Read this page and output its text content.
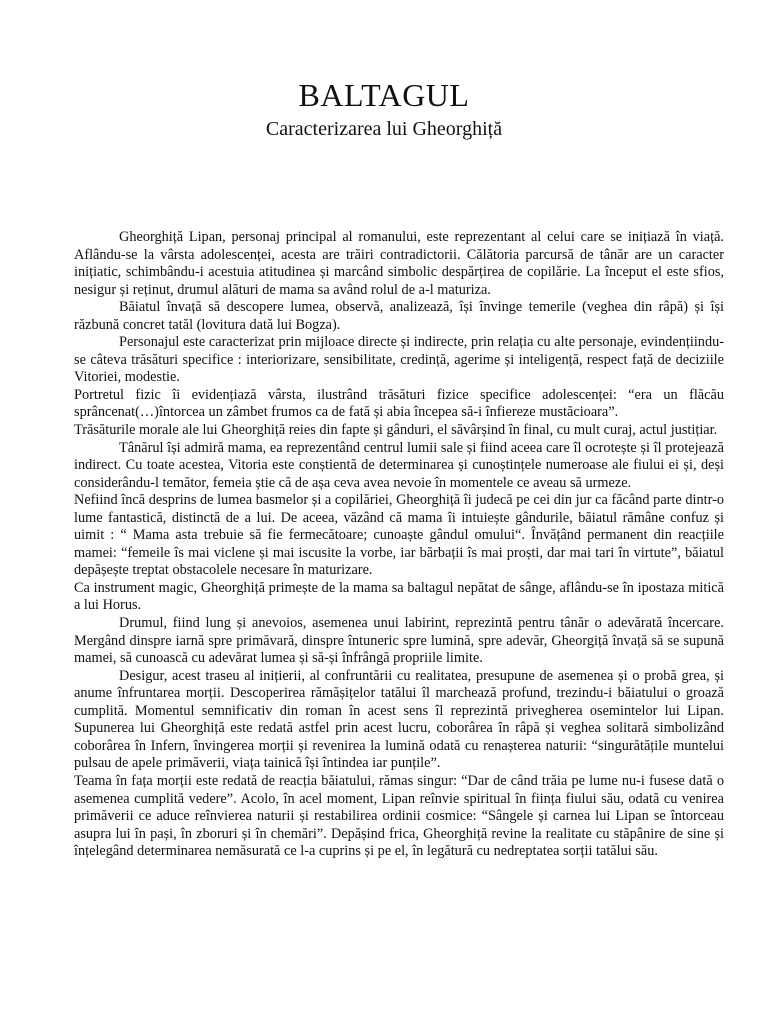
BALTAGUL
Caracterizarea lui Gheorghiță

Gheorghiță Lipan, personaj principal al romanului, este reprezentant al celui care se inițiază în viață. Aflându-se la vârsta adolescenței, acesta are trăiri contradictorii. Călătoria parcursă de tânăr are un caracter inițiatic, schimbându-i acestuia atitudinea și marcând simbolic despărțirea de copilărie. La început el este sfios, nesigur și reținut, drumul alături de mama sa având rolul de a-l maturiza.

Băiatul învață să descopere lumea, observă, analizează, își învinge temerile (veghea din râpă) și își răzbună concret tatăl (lovitura dată lui Bogza).

Personajul este caracterizat prin mijloace directe și indirecte, prin relația cu alte personaje, evindențiindu-se câteva trăsături specifice : interiorizare, sensibilitate, credință, agerime și inteligență, respect față de deciziile Vitoriei, modestie.

Portretul fizic îi evidențiază vârsta, ilustrând trăsături fizice specifice adolescenței: “era un flăcău sprâncenat(…)întorcea un zâmbet frumos ca de fată și abia începea să-i înfiereze mustăcioara”.

Trăsăturile morale ale lui Gheorghiță reies din fapte și gânduri, el săvârșind în final, cu mult curaj, actul justițiar.

Tânărul își admiră mama, ea reprezentând centrul lumii sale și fiind aceea care îl ocrotește și îl protejează indirect. Cu toate acestea, Vitoria este conștientă de determinarea și cunoștințele numeroase ale fiului ei și, deși considerându-l temător, femeia știe că de așa ceva avea nevoie în momentele ce aveau să urmeze.

Nefiind încă desprins de lumea basmelor și a copilăriei, Gheorghiță îi judecă pe cei din jur ca făcând parte dintr-o lume fantastică, distinctă de a lui. De aceea, văzând că mama îi intuiește gândurile, băiatul rămâne confuz și uimit : “ Mama asta trebuie să fie fermecătoare; cunoaște gândul omului“. Învățând permanent din reacțiile mamei: “femeile îs mai viclene și mai iscusite la vorbe, iar bărbații îs mai proști, dar mai tari în virtute”, băiatul depășește treptat obstacolele necesare în maturizare.

Ca instrument magic, Gheorghiță primește de la mama sa baltagul nepătat de sânge, aflându-se în ipostaza mitică a lui Horus.

Drumul, fiind lung și anevoios, asemenea unui labirint, reprezintă pentru tânăr o adevărată încercare. Mergând dinspre iarnă spre primăvară, dinspre întuneric spre lumină, spre adevăr, Gheorgiță învață să se supună mamei, să cunoască cu adevărat lumea și să-și înfrângă propriile limite.

Desigur, acest traseu al inițierii, al confruntării cu realitatea, presupune de asemenea și o probă grea, și anume înfruntarea morții. Descoperirea rămășițelor tatălui îl marchează profund, trezindu-i băiatului o groază cumplită. Momentul semnificativ din roman în acest sens îl reprezintă privegherea osemintelor lui Lipan. Supunerea lui Gheorghiță este redată astfel prin acest lucru, coborârea în râpă și veghea solitară simbolizând coborârea în Infern, învingerea morții și revenirea la lumină odată cu renașterea naturii: “singurătățile muntelui pulsau de apele primăverii, viața tainică își întindea iar punțile”.

Teama în fața morții este redată de reacția băiatului, rămas singur: “Dar de când trăia pe lume nu-i fusese dată o asemenea cumplită vedere”. Acolo, în acel moment, Lipan reînvie spiritual în ființa fiului său, odată cu venirea primăverii ce aduce reînvierea naturii și restabilirea ordinii cosmice: “Sângele și carnea lui Lipan se întorceau asupra lui în pași, în zboruri și în chemări”. Depășind frica, Gheorghiță revine la realitate cu stăpânire de sine și înțelegând determinarea nemăsurată ce l-a cuprins și pe el, în legătură cu nedreptatea sorții tatălui său.
